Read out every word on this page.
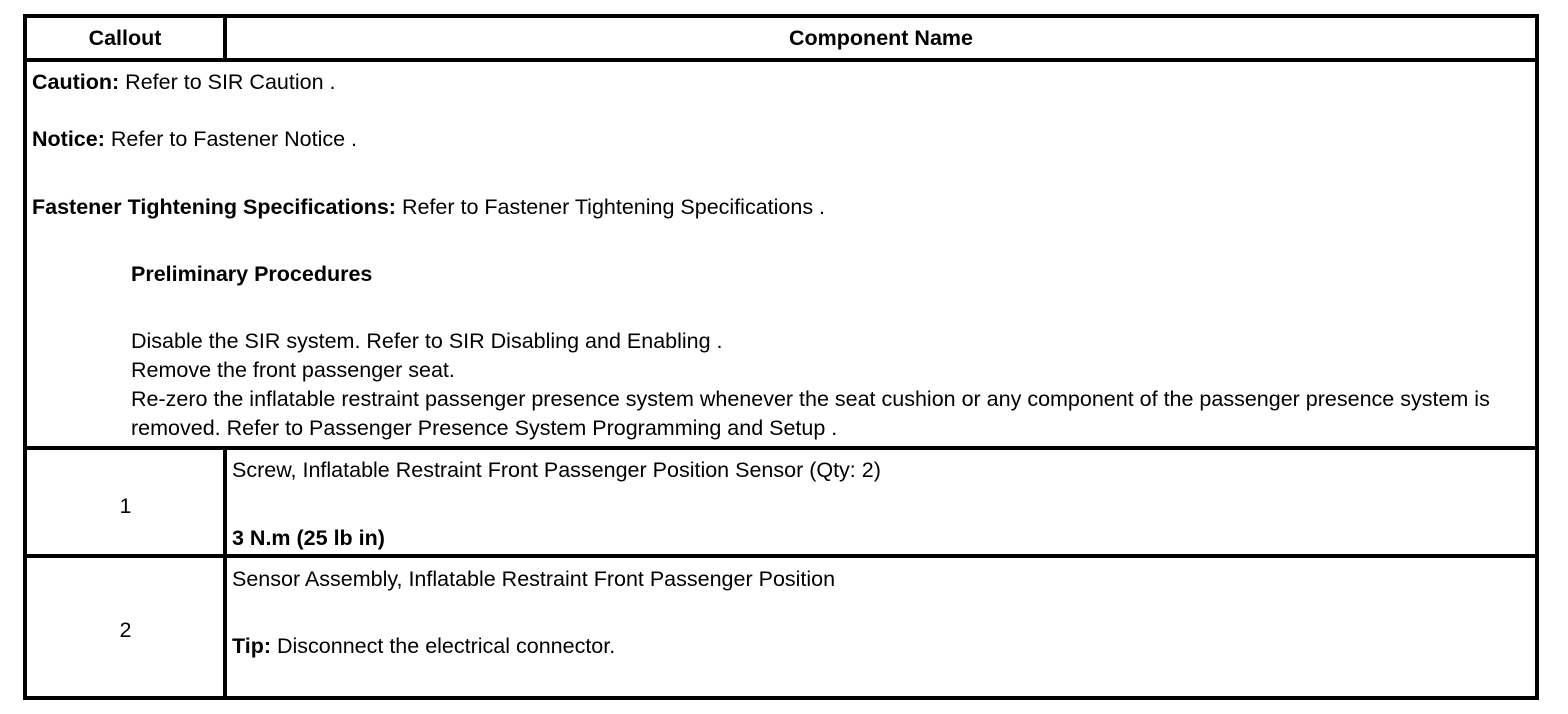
Callout	Component Name
Caution: Refer to SIR Caution .
Notice: Refer to Fastener Notice .
Fastener Tightening Specifications: Refer to Fastener Tightening Specifications .
Preliminary Procedures
Disable the SIR system. Refer to SIR Disabling and Enabling .
Remove the front passenger seat.
Re-zero the inflatable restraint passenger presence system whenever the seat cushion or any component of the passenger presence system is removed. Refer to Passenger Presence System Programming and Setup .
1
Screw, Inflatable Restraint Front Passenger Position Sensor (Qty: 2)
3 N.m (25 lb in)
2
Sensor Assembly, Inflatable Restraint Front Passenger Position
Tip: Disconnect the electrical connector.
